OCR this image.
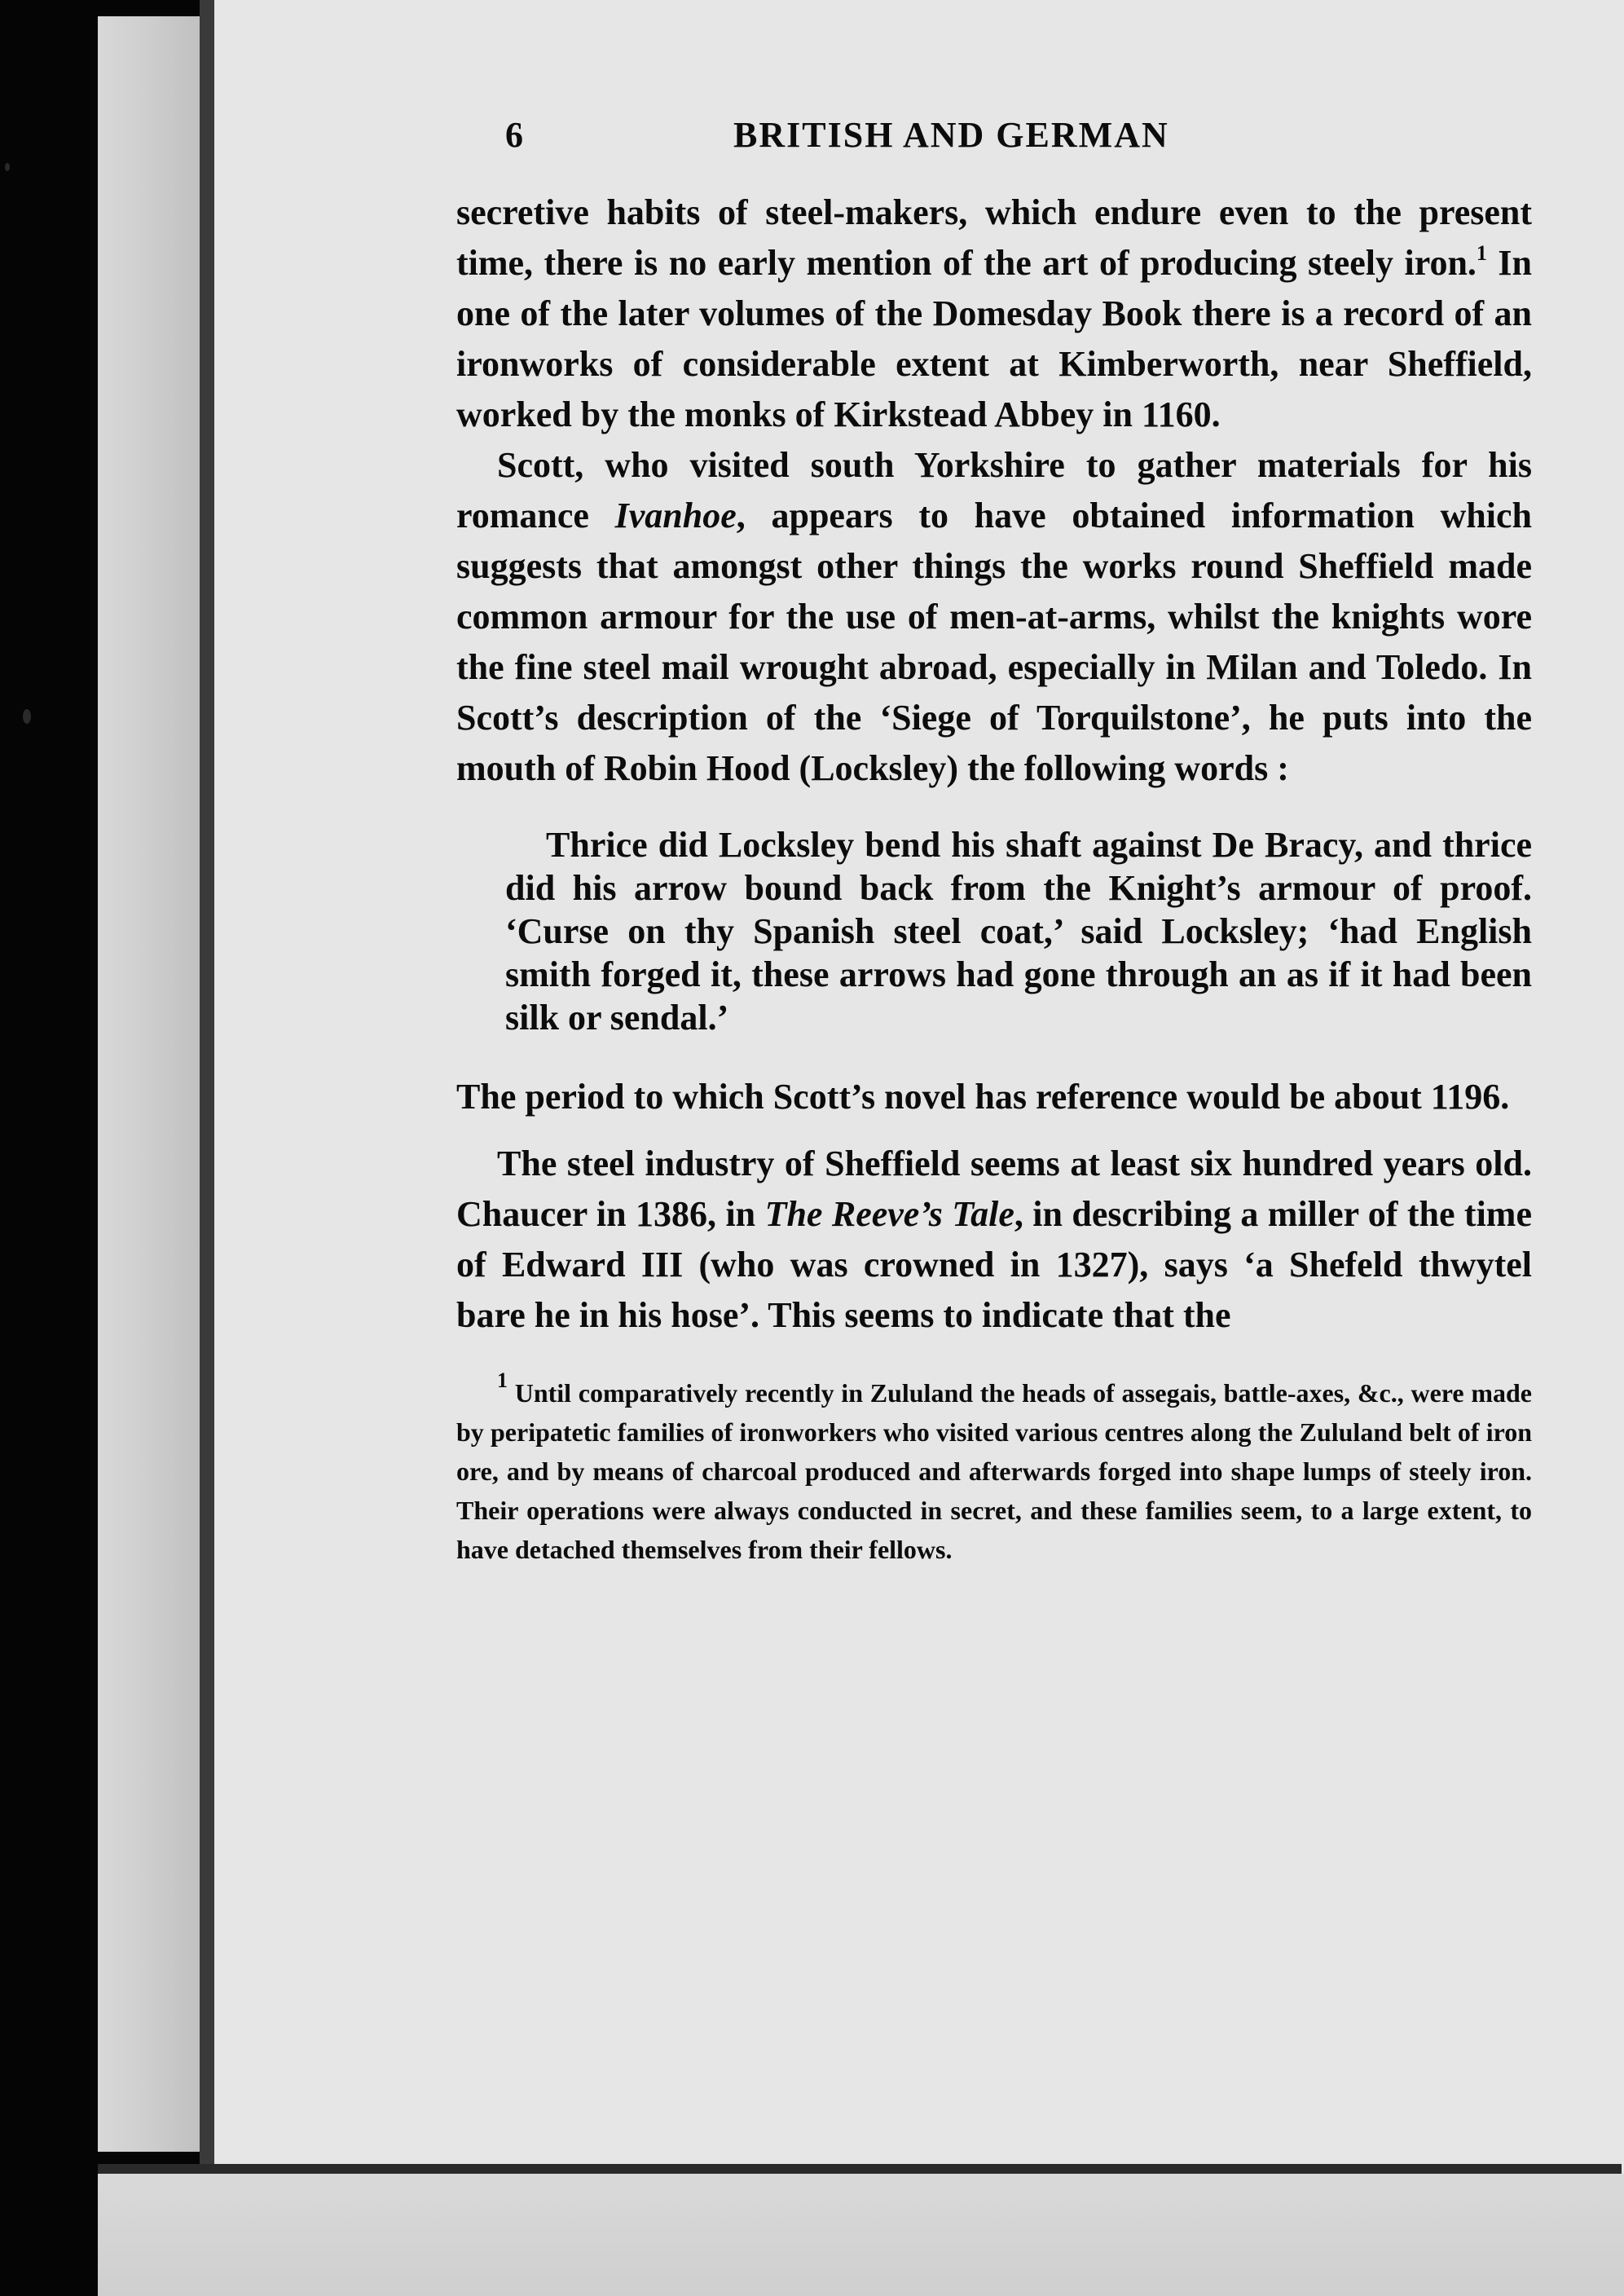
6	BRITISH AND GERMAN

secretive habits of steel-makers, which endure even to the present time, there is no early mention of the art of producing steely iron.$^1$ In one of the later volumes of the Domesday Book there is a record of an ironworks of considerable extent at Kimberworth, near Sheffield, worked by the monks of Kirkstead Abbey in 1160.

Scott, who visited south Yorkshire to gather materials for his romance Ivanhoe, appears to have obtained information which suggests that amongst other things the works round Sheffield made common armour for the use of men-at-arms, whilst the knights wore the fine steel mail wrought abroad, especially in Milan and Toledo. In Scott’s description of the ‘Siege of Torquilstone’, he puts into the mouth of Robin Hood (Locksley) the following words :

Thrice did Locksley bend his shaft against De Bracy, and thrice did his arrow bound back from the Knight’s armour of proof. ‘Curse on thy Spanish steel coat,’ said Locksley; ‘had English smith forged it, these arrows had gone through an as if it had been silk or sendal.’

The period to which Scott’s novel has reference would be about 1196.

The steel industry of Sheffield seems at least six hundred years old. Chaucer in 1386, in The Reeve’s Tale, in describing a miller of the time of Edward III (who was crowned in 1327), says ‘a Shefeld thwytel bare he in his hose’. This seems to indicate that the

$^1$ Until comparatively recently in Zululand the heads of assegais, battle-axes, &c., were made by peripatetic families of ironworkers who visited various centres along the Zululand belt of iron ore, and by means of charcoal produced and afterwards forged into shape lumps of steely iron. Their operations were always conducted in secret, and these families seem, to a large extent, to have detached themselves from their fellows.
